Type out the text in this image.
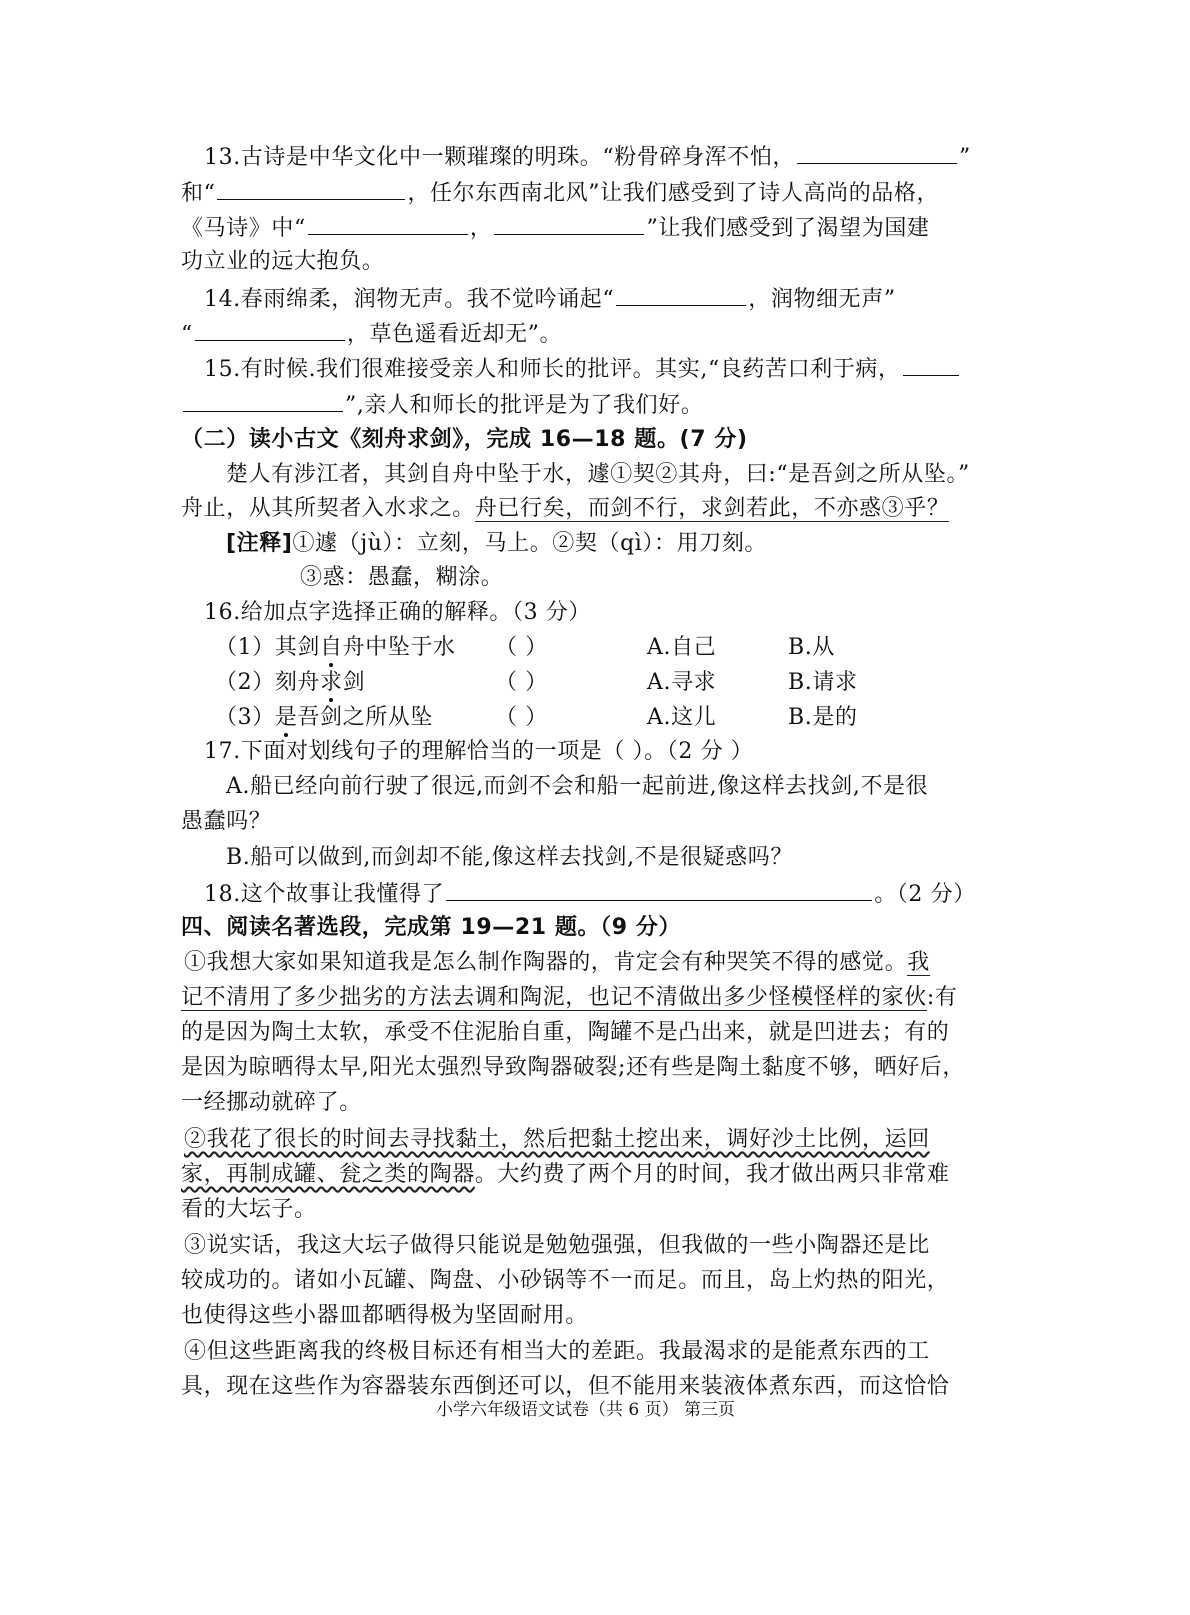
13.古诗是中华文化中一颗璀璨的明珠。“粉骨碎身浑不怕，	”
和“	，任尔东西南北风”让我们感受到了诗人高尚的品格，
《马诗》中“	，	”让我们感受到了渴望为国建
功立业的远大抱负。
14.春雨绵柔，润物无声。我不觉吟诵起“	，润物细无声”
“	，草色遥看近却无”。
15.有时候.我们很难接受亲人和师长的批评。其实,“良药苦口利于病，
”,亲人和师长的批评是为了我们好。
（二）读小古文《刻舟求剑》，完成 16—18 题。(7 分)
楚人有涉江者，其剑自舟中坠于水，遽①契②其舟，曰:“是吾剑之所从坠。”
舟止，从其所契者入水求之。舟已行矣，而剑不行，求剑若此，不亦惑③乎？
[注释]①遽（jù）：立刻，马上。②契（qì）：用刀刻。
③惑：愚蠢，糊涂。
16.给加点字选择正确的解释。（3 分）
（1）其剑自舟中坠于水 （ ）	A.自己	B.从
（2）刻舟求剑	（ ）	A.寻求	B.请求
（3）是吾剑之所从坠	（ ）	A.这儿	B.是的
17.下面对划线句子的理解恰当的一项是（ ）。（2 分 ）
A.船已经向前行驶了很远,而剑不会和船一起前进,像这样去找剑,不是很
愚蠢吗？
B.船可以做到,而剑却不能,像这样去找剑,不是很疑惑吗？
18.这个故事让我懂得了	。（2 分）
四、阅读名著选段，完成第 19—21 题。（9 分）
①我想大家如果知道我是怎么制作陶器的，肯定会有种哭笑不得的感觉。我
记不清用了多少拙劣的方法去调和陶泥，也记不清做出多少怪模怪样的家伙:有
的是因为陶土太软，承受不住泥胎自重，陶罐不是凸出来，就是凹进去；有的
是因为晾晒得太早,阳光太强烈导致陶器破裂;还有些是陶土黏度不够，晒好后，
一经挪动就碎了。
②我花了很长的时间去寻找黏土，然后把黏土挖出来，调好沙土比例，运回
家，再制成罐、瓮之类的陶器。大约费了两个月的时间，我才做出两只非常难
看的大坛子。
③说实话，我这大坛子做得只能说是勉勉强强，但我做的一些小陶器还是比
较成功的。诸如小瓦罐、陶盘、小砂锅等不一而足。而且，岛上灼热的阳光，
也使得这些小器皿都晒得极为坚固耐用。
④但这些距离我的终极目标还有相当大的差距。我最渴求的是能煮东西的工
具，现在这些作为容器装东西倒还可以，但不能用来装液体煮东西，而这恰恰
小学六年级语文试卷（共 6 页） 第三页
